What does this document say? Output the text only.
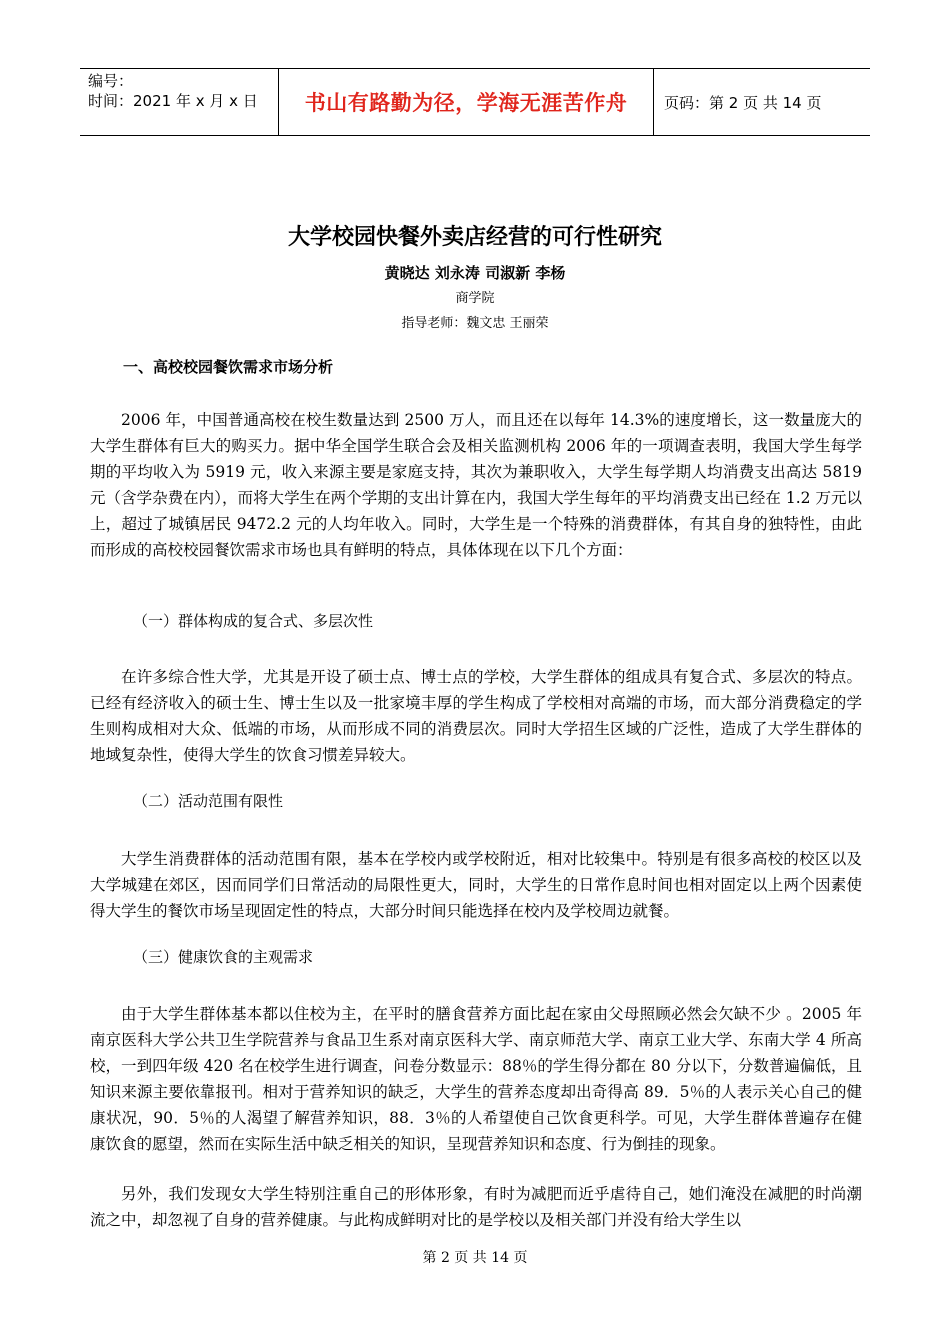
编号：
时间：2021 年 x 月 x 日	书山有路勤为径，学海无涯苦作舟	页码：第 2 页 共 14 页
大学校园快餐外卖店经营的可行性研究
黄晓达 刘永涛 司淑新 李杨
商学院
指导老师：魏文忠 王丽荣
一、高校校园餐饮需求市场分析

2006 年，中国普通高校在校生数量达到 2500 万人，而且还在以每年 14.3%的速度增长，这一数量庞大的大学生群体有巨大的购买力。据中华全国学生联合会及相关监测机构 2006 年的一项调查表明，我国大学生每学期的平均收入为 5919 元，收入来源主要是家庭支持，其次为兼职收入，大学生每学期人均消费支出高达 5819 元（含学杂费在内），而将大学生在两个学期的支出计算在内，我国大学生每年的平均消费支出已经在 1.2 万元以上，超过了城镇居民 9472.2 元的人均年收入。同时，大学生是一个特殊的消费群体，有其自身的独特性，由此而形成的高校校园餐饮需求市场也具有鲜明的特点，具体体现在以下几个方面：

（一）群体构成的复合式、多层次性

在许多综合性大学，尤其是开设了硕士点、博士点的学校，大学生群体的组成具有复合式、多层次的特点。已经有经济收入的硕士生、博士生以及一批家境丰厚的学生构成了学校相对高端的市场，而大部分消费稳定的学生则构成相对大众、低端的市场，从而形成不同的消费层次。同时大学招生区域的广泛性，造成了大学生群体的地域复杂性，使得大学生的饮食习惯差异较大。

（二）活动范围有限性

大学生消费群体的活动范围有限，基本在学校内或学校附近，相对比较集中。特别是有很多高校的校区以及大学城建在郊区，因而同学们日常活动的局限性更大，同时，大学生的日常作息时间也相对固定以上两个因素使得大学生的餐饮市场呈现固定性的特点，大部分时间只能选择在校内及学校周边就餐。

（三）健康饮食的主观需求

由于大学生群体基本都以住校为主，在平时的膳食营养方面比起在家由父母照顾必然会欠缺不少 。2005 年南京医科大学公共卫生学院营养与食品卫生系对南京医科大学、南京师范大学、南京工业大学、东南大学 4 所高校，一到四年级 420 名在校学生进行调查，问卷分数显示：88％的学生得分都在 80 分以下，分数普遍偏低，且知识来源主要依靠报刊。相对于营养知识的缺乏，大学生的营养态度却出奇得高 89．5％的人表示关心自己的健康状况，90．5％的人渴望了解营养知识，88．3％的人希望使自己饮食更科学。可见，大学生群体普遍存在健康饮食的愿望，然而在实际生活中缺乏相关的知识，呈现营养知识和态度、行为倒挂的现象。

另外，我们发现女大学生特别注重自己的形体形象，有时为减肥而近乎虐待自己，她们淹没在减肥的时尚潮流之中，却忽视了自身的营养健康。与此构成鲜明对比的是学校以及相关部门并没有给大学生以

第 2 页 共 14 页
